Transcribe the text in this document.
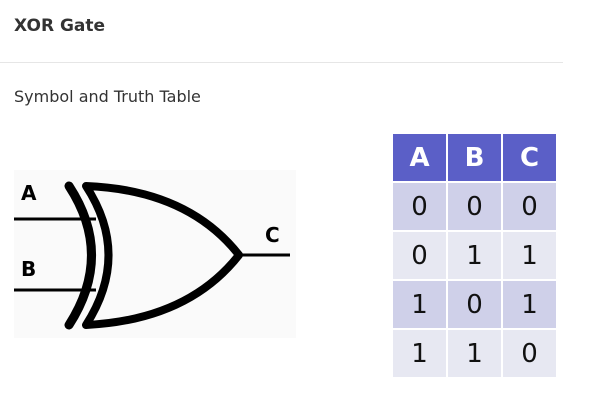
XOR Gate
Symbol and Truth Table
A
B
C
A	B	C
0	0	0
0	1	1
1	0	1
1	1	0
